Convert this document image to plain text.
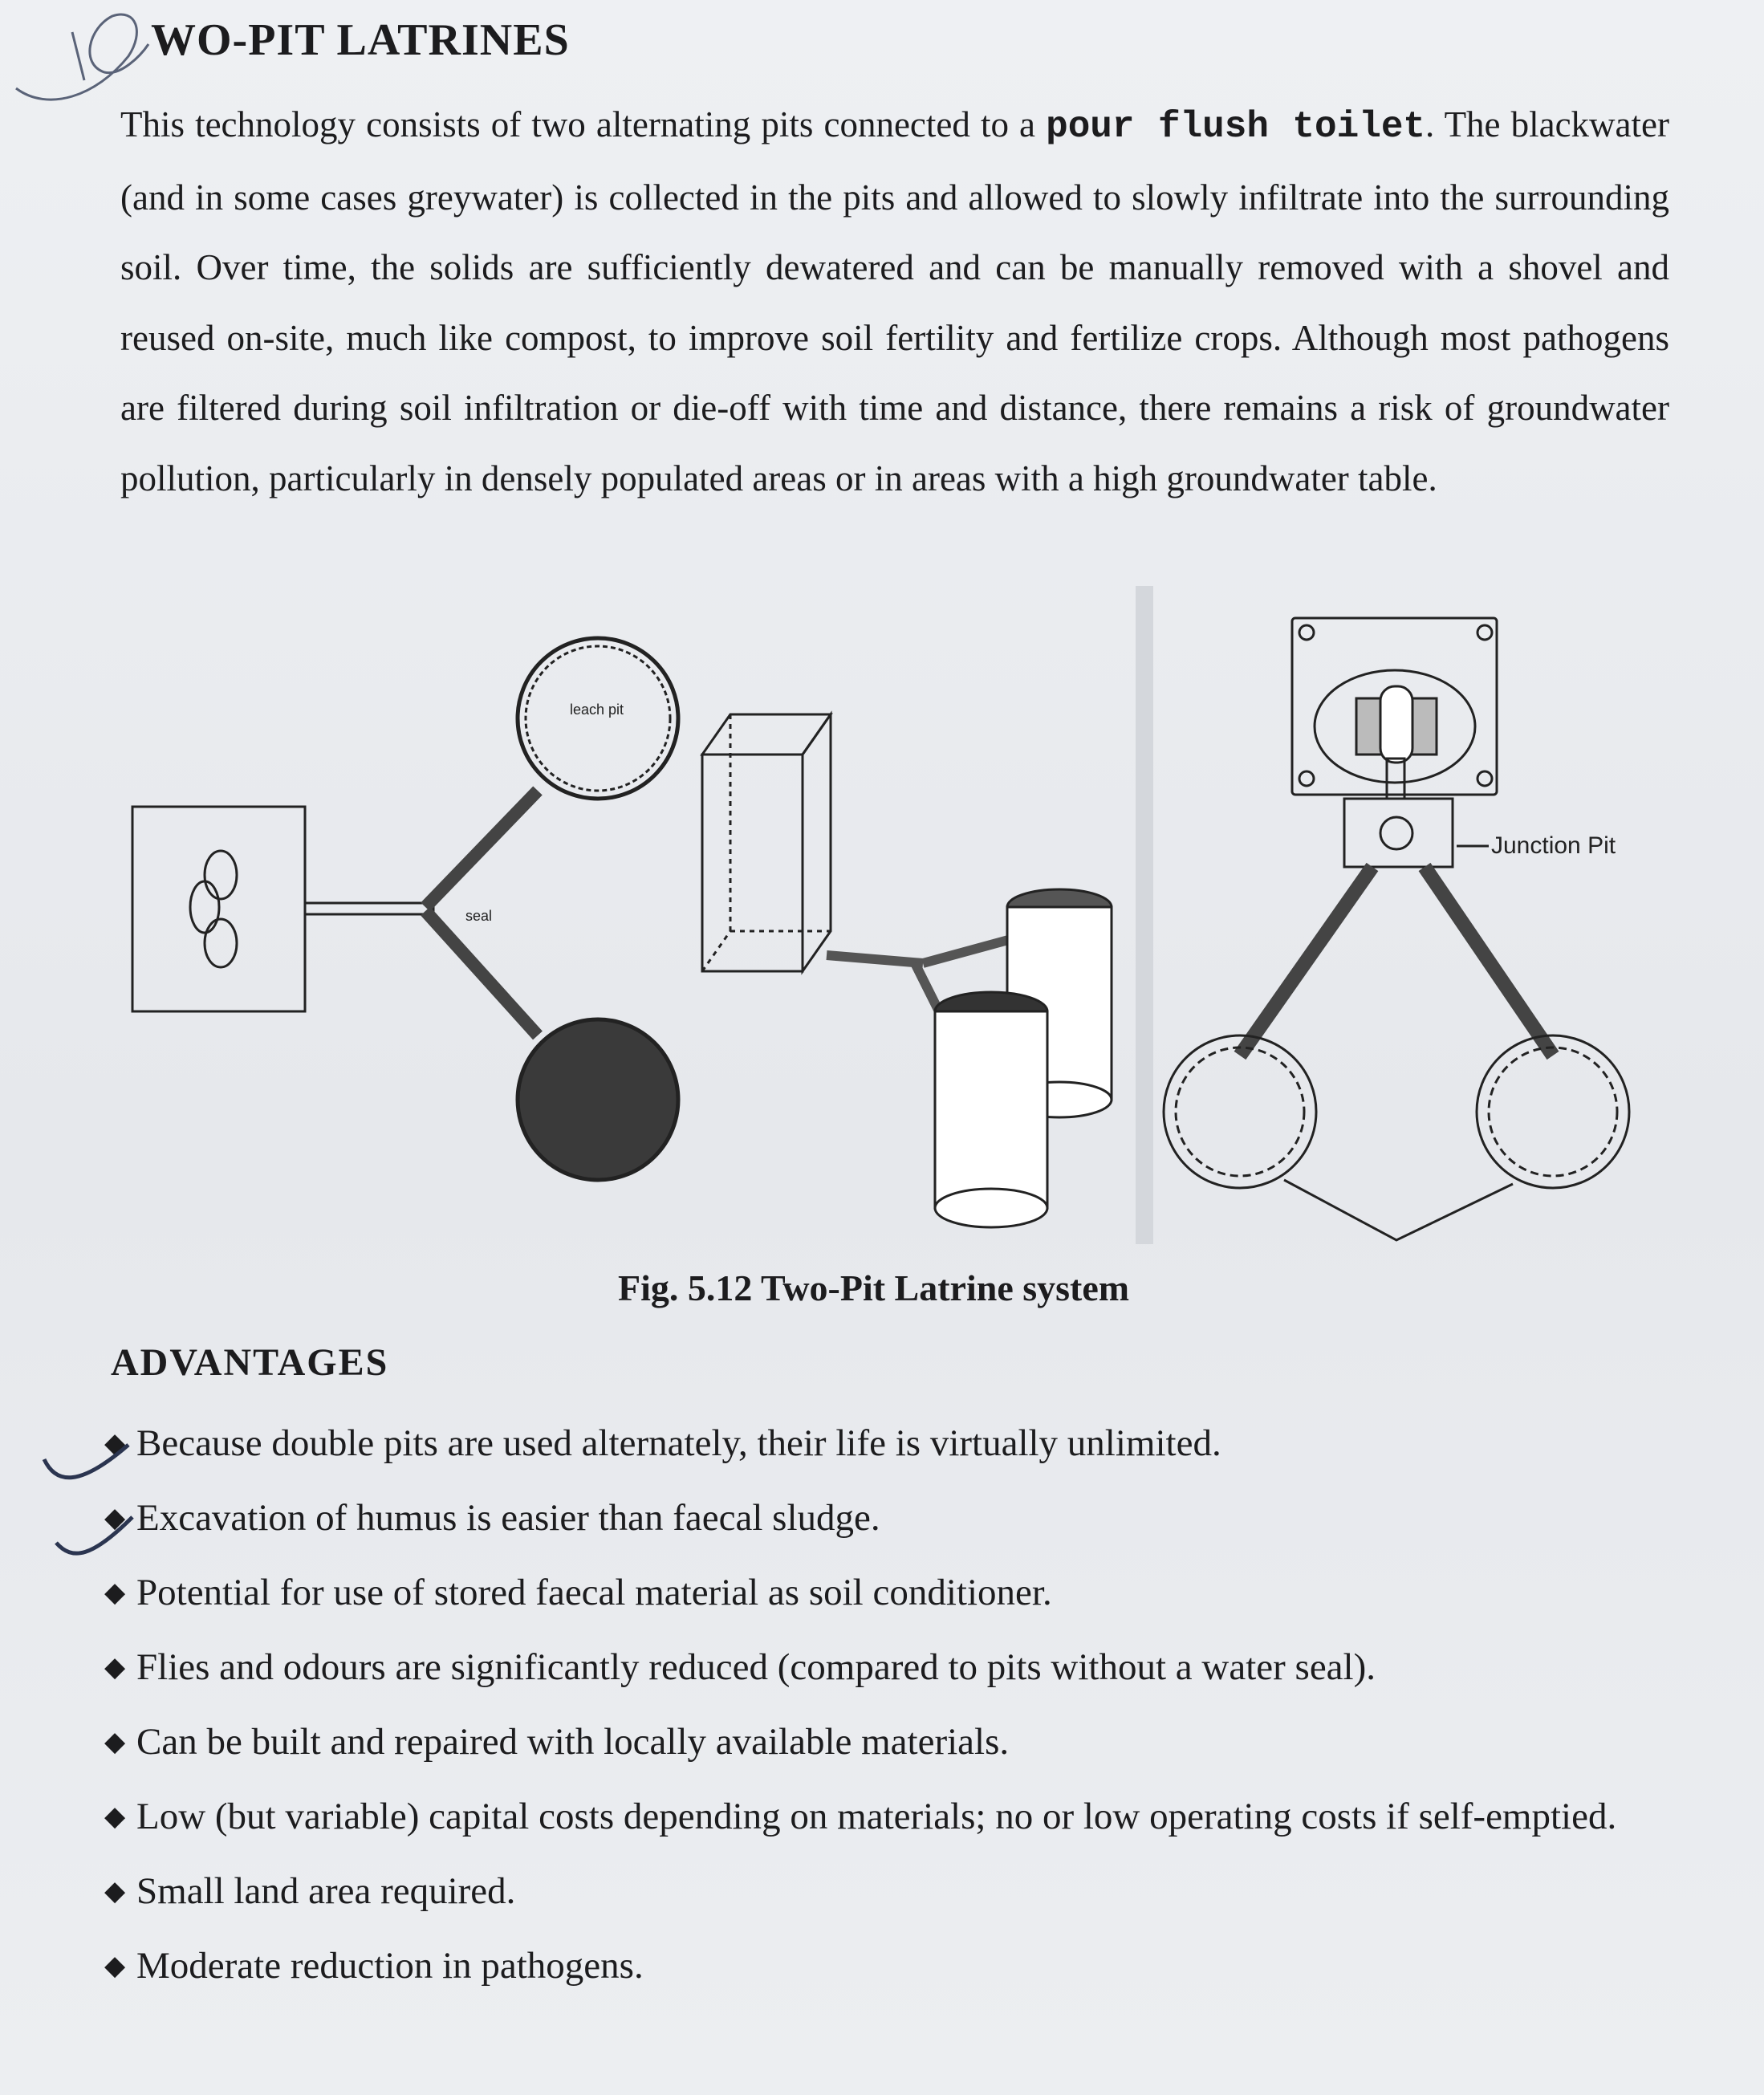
WO-PIT LATRINES

This technology consists of two alternating pits connected to a pour flush toilet. The blackwater (and in some cases greywater) is collected in the pits and allowed to slowly infiltrate into the surrounding soil. Over time, the solids are sufficiently dewatered and can be manually removed with a shovel and reused on-site, much like compost, to improve soil fertility and fertilize crops. Although most pathogens are filtered during soil infiltration or die-off with time and distance, there remains a risk of groundwater pollution, particularly in densely populated areas or in areas with a high groundwater table.

leach pit
seal
Junction Pit

Fig. 5.12 Two-Pit Latrine system

ADVANTAGES
◆ Because double pits are used alternately, their life is virtually unlimited.
◆ Excavation of humus is easier than faecal sludge.
◆ Potential for use of stored faecal material as soil conditioner.
◆ Flies and odours are significantly reduced (compared to pits without a water seal).
◆ Can be built and repaired with locally available materials.
◆ Low (but variable) capital costs depending on materials; no or low operating costs if self-emptied.
◆ Small land area required.
◆ Moderate reduction in pathogens.
